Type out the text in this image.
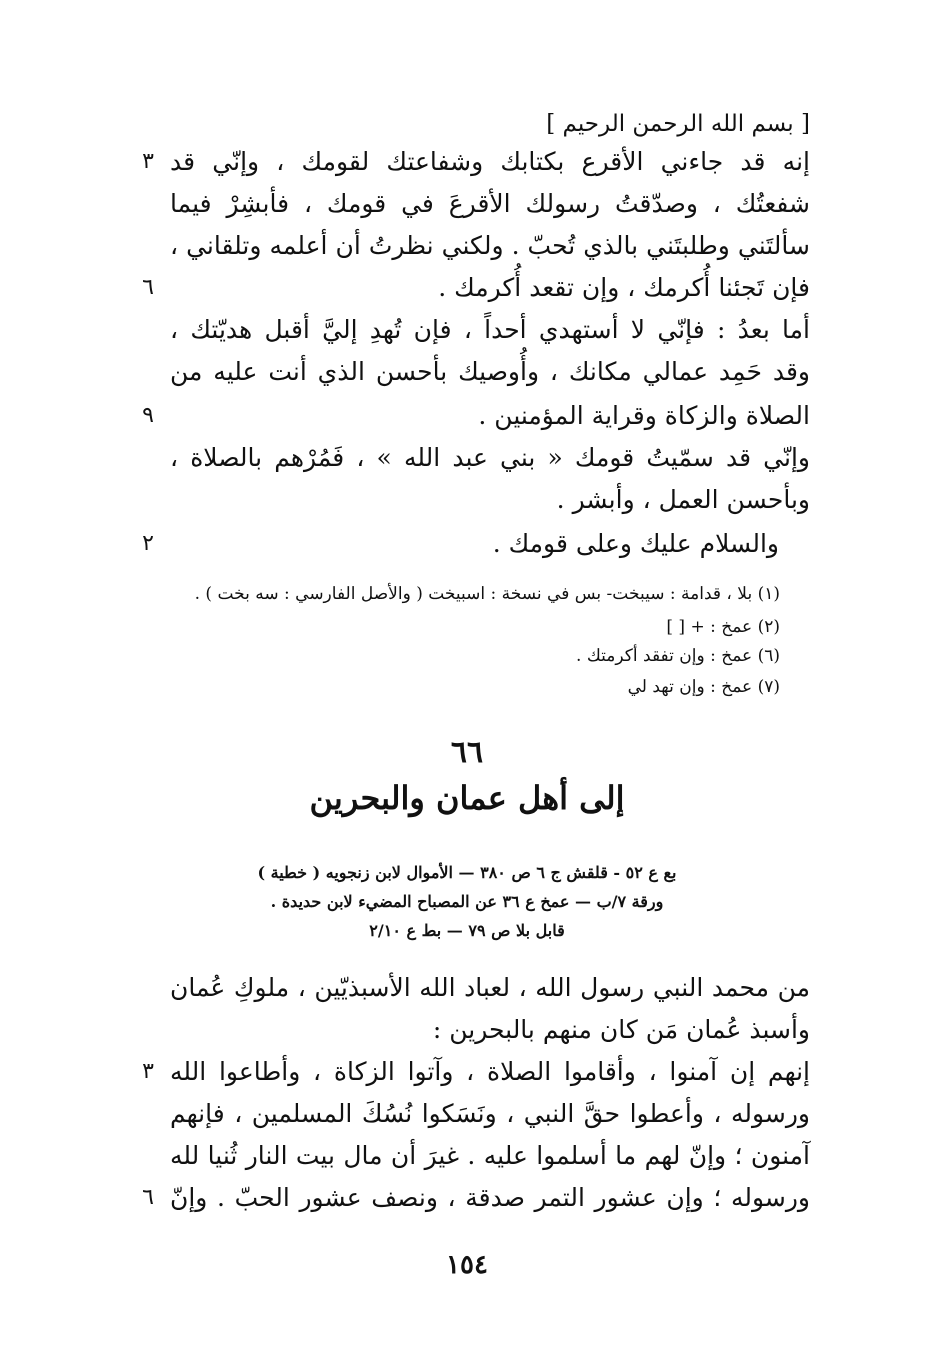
[ بسم الله الرحمن الرحيم ]
إنه قد جاءني الأقرع بكتابك وشفاعتك لقومك ، وإنّي قد
٣
شفعتُك ، وصدّقتُ رسولك الأقرعَ في قومك ، فأبشِرْ فيما
سألتَني وطلبتَني بالذي تُحبّ . ولكني نظرتُ أن أعلمه وتلقاني ،
فإن تَجئنا أُكرمك ، وإن تقعد أُكرمك .
٦
أما بعدُ : فإنّي لا أستهدي أحداً ، فإن تُهدِ إليَّ أقبل هديّتك ،
وقد حَمِد عمالي مكانك ، وأُوصيك بأحسن الذي أنت عليه من
الصلاة والزكاة وقراية المؤمنين .
٩
وإنّي قد سمّيتُ قومك « بني عبد الله » ، فَمُرْهم بالصلاة ،
وبأحسن العمل ، وأبشر .
والسلام عليك وعلى قومك .
٢
(١) بلا ، قدامة : سيبخت- بس في نسخة : اسبيخت ( والأصل الفارسي : سه بخت ) .
(٢) عمخ : + [ ]
(٦) عمخ : وإن تفقد أكرمتك .
(٧) عمخ : وإن تهد لي
٦٦
إلى أهل عمان والبحرين
بع ع ٥٢ - قلقش ج ٦ ص ٣٨٠ — الأموال لابن زنجويه ( خطية )
ورقة ٧/ب — عمخ ع ٣٦ عن المصباح المضيء لابن حديدة .
قابل بلا ص ٧٩ — بط ع ٢/١٠
من محمد النبي رسول الله ، لعباد الله الأسبذيّين ، ملوكِ عُمان
وأسبذ عُمان مَن كان منهم بالبحرين :
إنهم إن آمنوا ، وأقاموا الصلاة ، وآتوا الزكاة ، وأطاعوا الله
٣
ورسوله ، وأعطوا حقَّ النبي ، ونَسَكوا نُسُكَ المسلمين ، فإنهم
آمنون ؛ وإنّ لهم ما أسلموا عليه . غيرَ أن مال بيت النار ثُنيا لله
ورسوله ؛ وإن عشور التمر صدقة ، ونصف عشور الحبّ . وإنّ
٦
١٥٤
